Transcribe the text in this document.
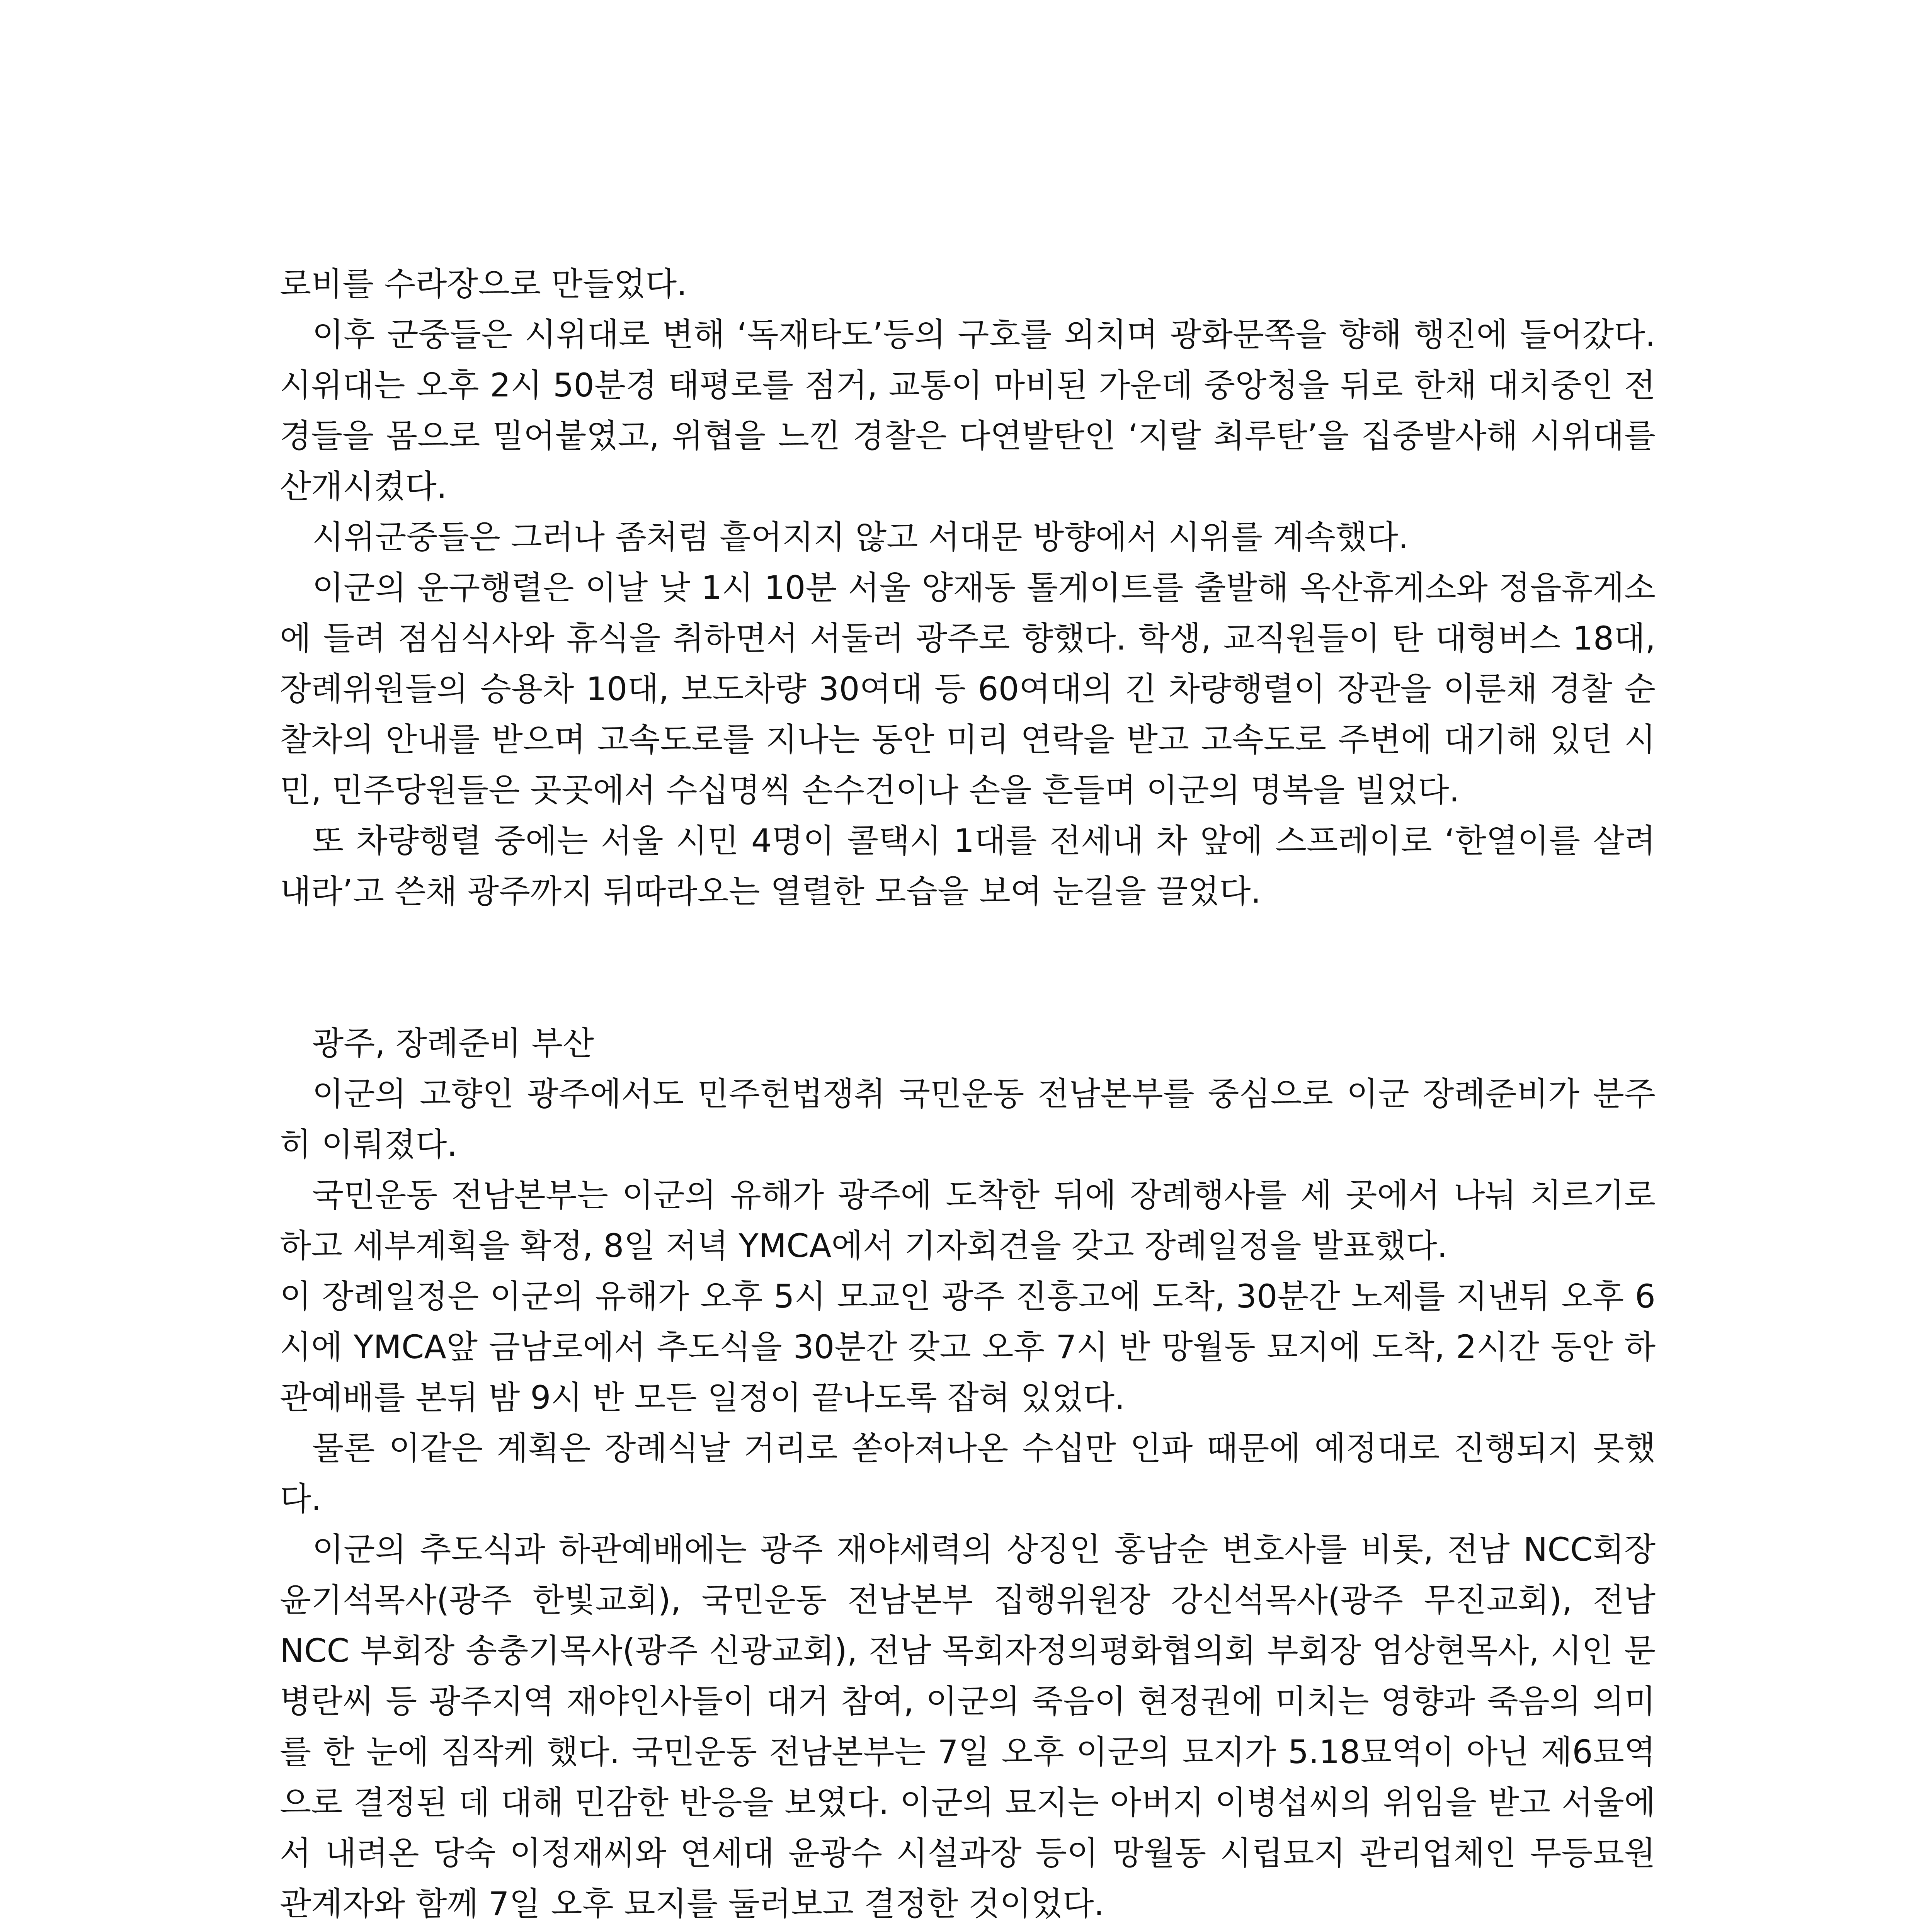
로비를 수라장으로 만들었다.

이후 군중들은 시위대로 변해 ‘독재타도’등의 구호를 외치며 광화문쪽을 향해 행진에 들어갔다. 시위대는 오후 2시 50분경 태평로를 점거, 교통이 마비된 가운데 중앙청을 뒤로 한채 대치중인 전경들을 몸으로 밀어붙였고, 위협을 느낀 경찰은 다연발탄인 ‘지랄 최루탄’을 집중발사해 시위대를 산개시켰다.

시위군중들은 그러나 좀처럼 흩어지지 않고 서대문 방향에서 시위를 계속했다.

이군의 운구행렬은 이날 낮 1시 10분 서울 양재동 톨게이트를 출발해 옥산휴게소와 정읍휴게소에 들려 점심식사와 휴식을 취하면서 서둘러 광주로 향했다. 학생, 교직원들이 탄 대형버스 18대, 장례위원들의 승용차 10대, 보도차량 30여대 등 60여대의 긴 차량행렬이 장관을 이룬채 경찰 순찰차의 안내를 받으며 고속도로를 지나는 동안 미리 연락을 받고 고속도로 주변에 대기해 있던 시민, 민주당원들은 곳곳에서 수십명씩 손수건이나 손을 흔들며 이군의 명복을 빌었다.

또 차량행렬 중에는 서울 시민 4명이 콜택시 1대를 전세내 차 앞에 스프레이로 ‘한열이를 살려내라’고 쓴채 광주까지 뒤따라오는 열렬한 모습을 보여 눈길을 끌었다.

광주, 장례준비 부산

이군의 고향인 광주에서도 민주헌법쟁취 국민운동 전남본부를 중심으로 이군 장례준비가 분주히 이뤄졌다.

국민운동 전남본부는 이군의 유해가 광주에 도착한 뒤에 장례행사를 세 곳에서 나눠 치르기로 하고 세부계획을 확정, 8일 저녁 YMCA에서 기자회견을 갖고 장례일정을 발표했다.

이 장례일정은 이군의 유해가 오후 5시 모교인 광주 진흥고에 도착, 30분간 노제를 지낸뒤 오후 6시에 YMCA앞 금남로에서 추도식을 30분간 갖고 오후 7시 반 망월동 묘지에 도착, 2시간 동안 하관예배를 본뒤 밤 9시 반 모든 일정이 끝나도록 잡혀 있었다.

물론 이같은 계획은 장례식날 거리로 쏟아져나온 수십만 인파 때문에 예정대로 진행되지 못했다.

이군의 추도식과 하관예배에는 광주 재야세력의 상징인 홍남순 변호사를 비롯, 전남 NCC회장 윤기석목사(광주 한빛교회), 국민운동 전남본부 집행위원장 강신석목사(광주 무진교회), 전남 NCC 부회장 송충기목사(광주 신광교회), 전남 목회자정의평화협의회 부회장 엄상현목사, 시인 문병란씨 등 광주지역 재야인사들이 대거 참여, 이군의 죽음이 현정권에 미치는 영향과 죽음의 의미를 한 눈에 짐작케 했다. 국민운동 전남본부는 7일 오후 이군의 묘지가 5.18묘역이 아닌 제6묘역으로 결정된 데 대해 민감한 반응을 보였다. 이군의 묘지는 아버지 이병섭씨의 위임을 받고 서울에서 내려온 당숙 이정재씨와 연세대 윤광수 시설과장 등이 망월동 시립묘지 관리업체인 무등묘원 관계자와 함께 7일 오후 묘지를 둘러보고 결정한 것이었다.
